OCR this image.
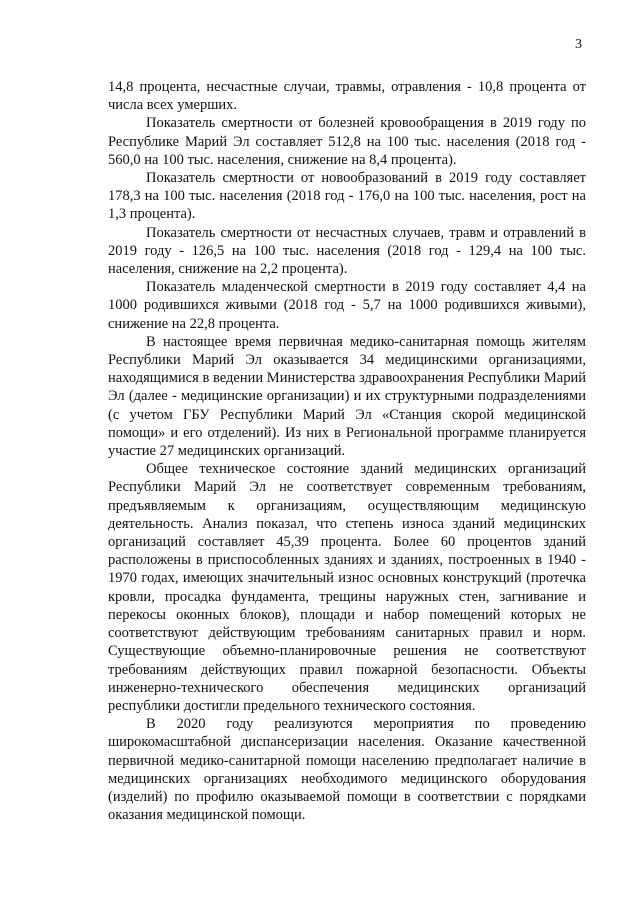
3

14,8 процента, несчастные случаи, травмы, отравления - 10,8 процента от числа всех умерших.

Показатель смертности от болезней кровообращения в 2019 году по Республике Марий Эл составляет 512,8 на 100 тыс. населения (2018 год - 560,0 на 100 тыс. населения, снижение на 8,4 процента).

Показатель смертности от новообразований в 2019 году составляет 178,3 на 100 тыс. населения (2018 год - 176,0 на 100 тыс. населения, рост на 1,3 процента).

Показатель смертности от несчастных случаев, травм и отравлений в 2019 году - 126,5 на 100 тыс. населения (2018 год - 129,4 на 100 тыс. населения, снижение на 2,2 процента).

Показатель младенческой смертности в 2019 году составляет 4,4 на 1000 родившихся живыми (2018 год - 5,7 на 1000 родившихся живыми), снижение на 22,8 процента.

В настоящее время первичная медико-санитарная помощь жителям Республики Марий Эл оказывается 34 медицинскими организациями, находящимися в ведении Министерства здравоохранения Республики Марий Эл (далее - медицинские организации) и их структурными подразделениями (с учетом ГБУ Республики Марий Эл «Станция скорой медицинской помощи» и его отделений). Из них в Региональной программе планируется участие 27 медицинских организаций.

Общее техническое состояние зданий медицинских организаций Республики Марий Эл не соответствует современным требованиям, предъявляемым к организациям, осуществляющим медицинскую деятельность. Анализ показал, что степень износа зданий медицинских организаций составляет 45,39 процента. Более 60 процентов зданий расположены в приспособленных зданиях и зданиях, построенных в 1940 - 1970 годах, имеющих значительный износ основных конструкций (протечка кровли, просадка фундамента, трещины наружных стен, загнивание и перекосы оконных блоков), площади и набор помещений которых не соответствуют действующим требованиям санитарных правил и норм. Существующие объемно-планировочные решения не соответствуют требованиям действующих правил пожарной безопасности. Объекты инженерно-технического обеспечения медицинских организаций республики достигли предельного технического состояния.

В 2020 году реализуются мероприятия по проведению широкомасштабной диспансеризации населения. Оказание качественной первичной медико-санитарной помощи населению предполагает наличие в медицинских организациях необходимого медицинского оборудования (изделий) по профилю оказываемой помощи в соответствии с порядками оказания медицинской помощи.
